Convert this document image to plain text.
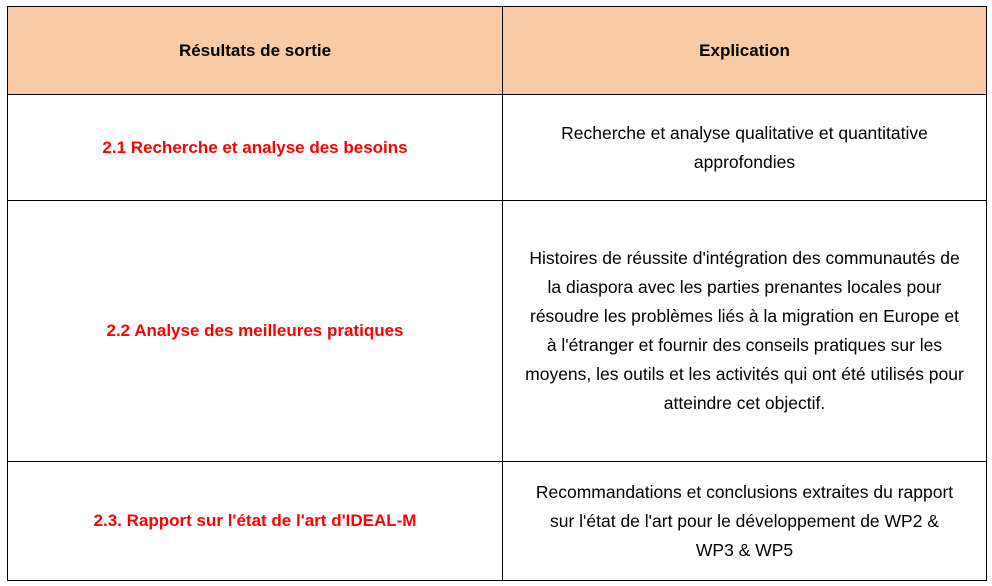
Résultats de sortie	Explication
2.1 Recherche et analyse des besoins	Recherche et analyse qualitative et quantitative approfondies

2.2 Analyse des meilleures pratiques	Histoires de réussite d'intégration des communautés de la diaspora avec les parties prenantes locales pour résoudre les problèmes liés à la migration en Europe et à l'étranger et fournir des conseils pratiques sur les moyens, les outils et les activités qui ont été utilisés pour atteindre cet objectif.

2.3. Rapport sur l'état de l'art d'IDEAL-M	Recommandations et conclusions extraites du rapport sur l'état de l'art pour le développement de WP2 & WP3 & WP5
